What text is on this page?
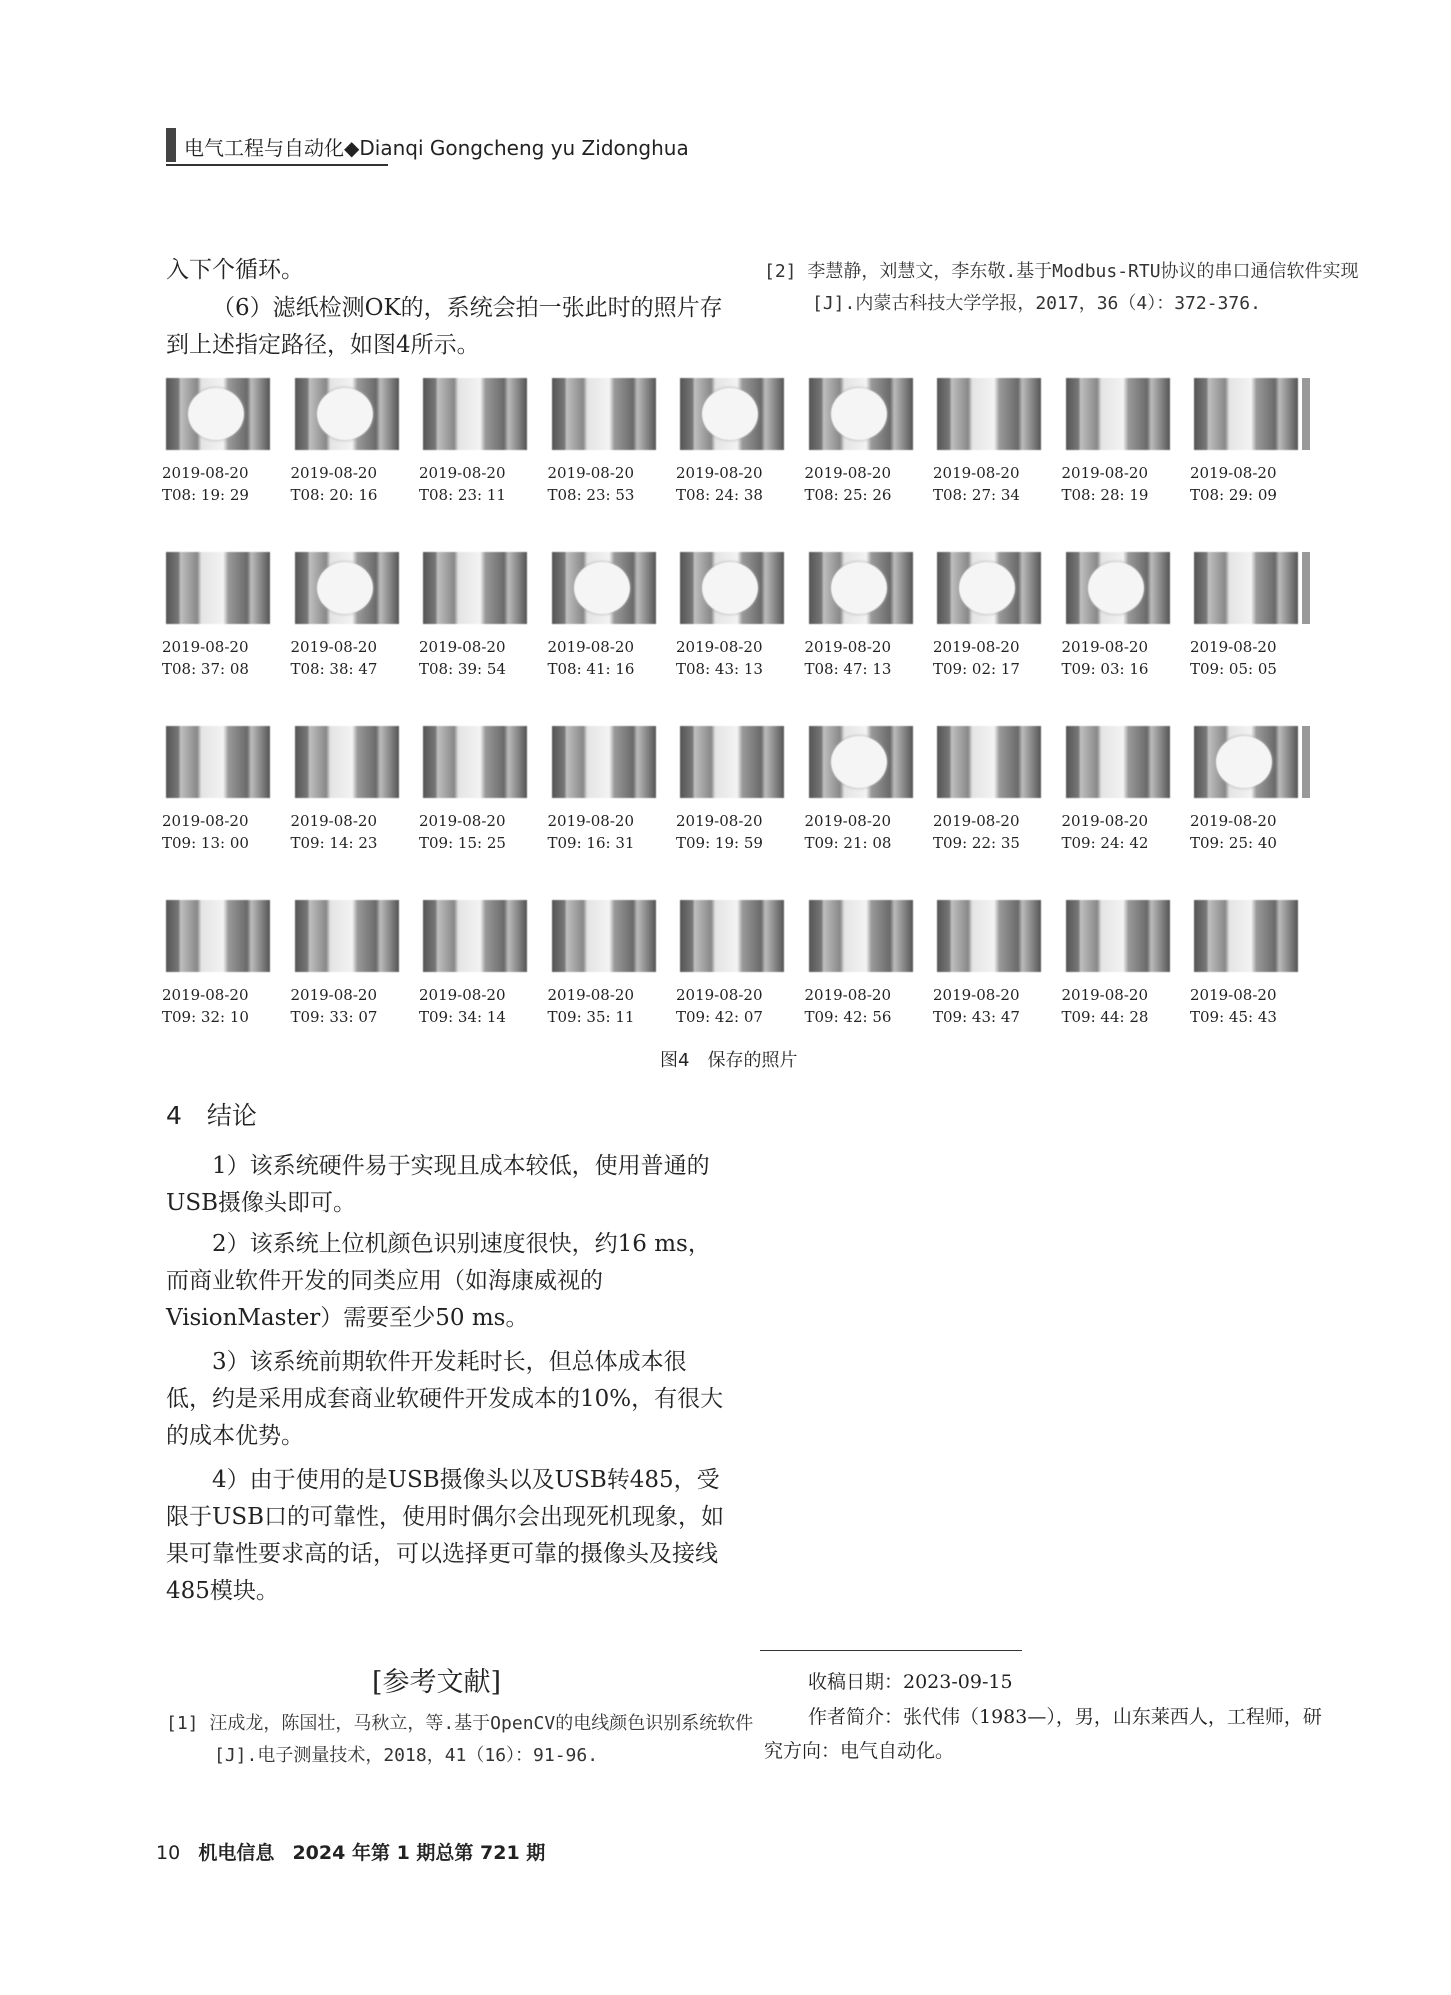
电气工程与自动化◆Dianqi Gongcheng yu Zidonghua
入下个循环。
（6）滤纸检测OK的，系统会拍一张此时的照片存到上述指定路径，如图4所示。
[2] 李慧静，刘慧文，李东敬.基于Modbus-RTU协议的串口通信软件实现[J].内蒙古科技大学学报，2017，36（4）：372-376.
2019-08-20
T08: 19: 29
2019-08-20
T08: 20: 16
2019-08-20
T08: 23: 11
2019-08-20
T08: 23: 53
2019-08-20
T08: 24: 38
2019-08-20
T08: 25: 26
2019-08-20
T08: 27: 34
2019-08-20
T08: 28: 19
2019-08-20
T08: 29: 09
2019-08-20
T08: 37: 08
2019-08-20
T08: 38: 47
2019-08-20
T08: 39: 54
2019-08-20
T08: 41: 16
2019-08-20
T08: 43: 13
2019-08-20
T08: 47: 13
2019-08-20
T09: 02: 17
2019-08-20
T09: 03: 16
2019-08-20
T09: 05: 05
2019-08-20
T09: 13: 00
2019-08-20
T09: 14: 23
2019-08-20
T09: 15: 25
2019-08-20
T09: 16: 31
2019-08-20
T09: 19: 59
2019-08-20
T09: 21: 08
2019-08-20
T09: 22: 35
2019-08-20
T09: 24: 42
2019-08-20
T09: 25: 40
2019-08-20
T09: 32: 10
2019-08-20
T09: 33: 07
2019-08-20
T09: 34: 14
2019-08-20
T09: 35: 11
2019-08-20
T09: 42: 07
2019-08-20
T09: 42: 56
2019-08-20
T09: 43: 47
2019-08-20
T09: 44: 28
2019-08-20
T09: 45: 43
图4　保存的照片
4　结论
1）该系统硬件易于实现且成本较低，使用普通的USB摄像头即可。
2）该系统上位机颜色识别速度很快，约16 ms，而商业软件开发的同类应用（如海康威视的VisionMaster）需要至少50 ms。
3）该系统前期软件开发耗时长，但总体成本很低，约是采用成套商业软硬件开发成本的10%，有很大的成本优势。
4）由于使用的是USB摄像头以及USB转485，受限于USB口的可靠性，使用时偶尔会出现死机现象，如果可靠性要求高的话，可以选择更可靠的摄像头及接线485模块。
[参考文献]
[1] 汪成龙，陈国壮，马秋立，等.基于OpenCV的电线颜色识别系统软件[J].电子测量技术，2018，41（16）：91-96.
收稿日期：2023-09-15
作者简介：张代伟（1983—），男，山东莱西人，工程师，研究方向：电气自动化。
10 机电信息 2024 年第 1 期总第 721 期
